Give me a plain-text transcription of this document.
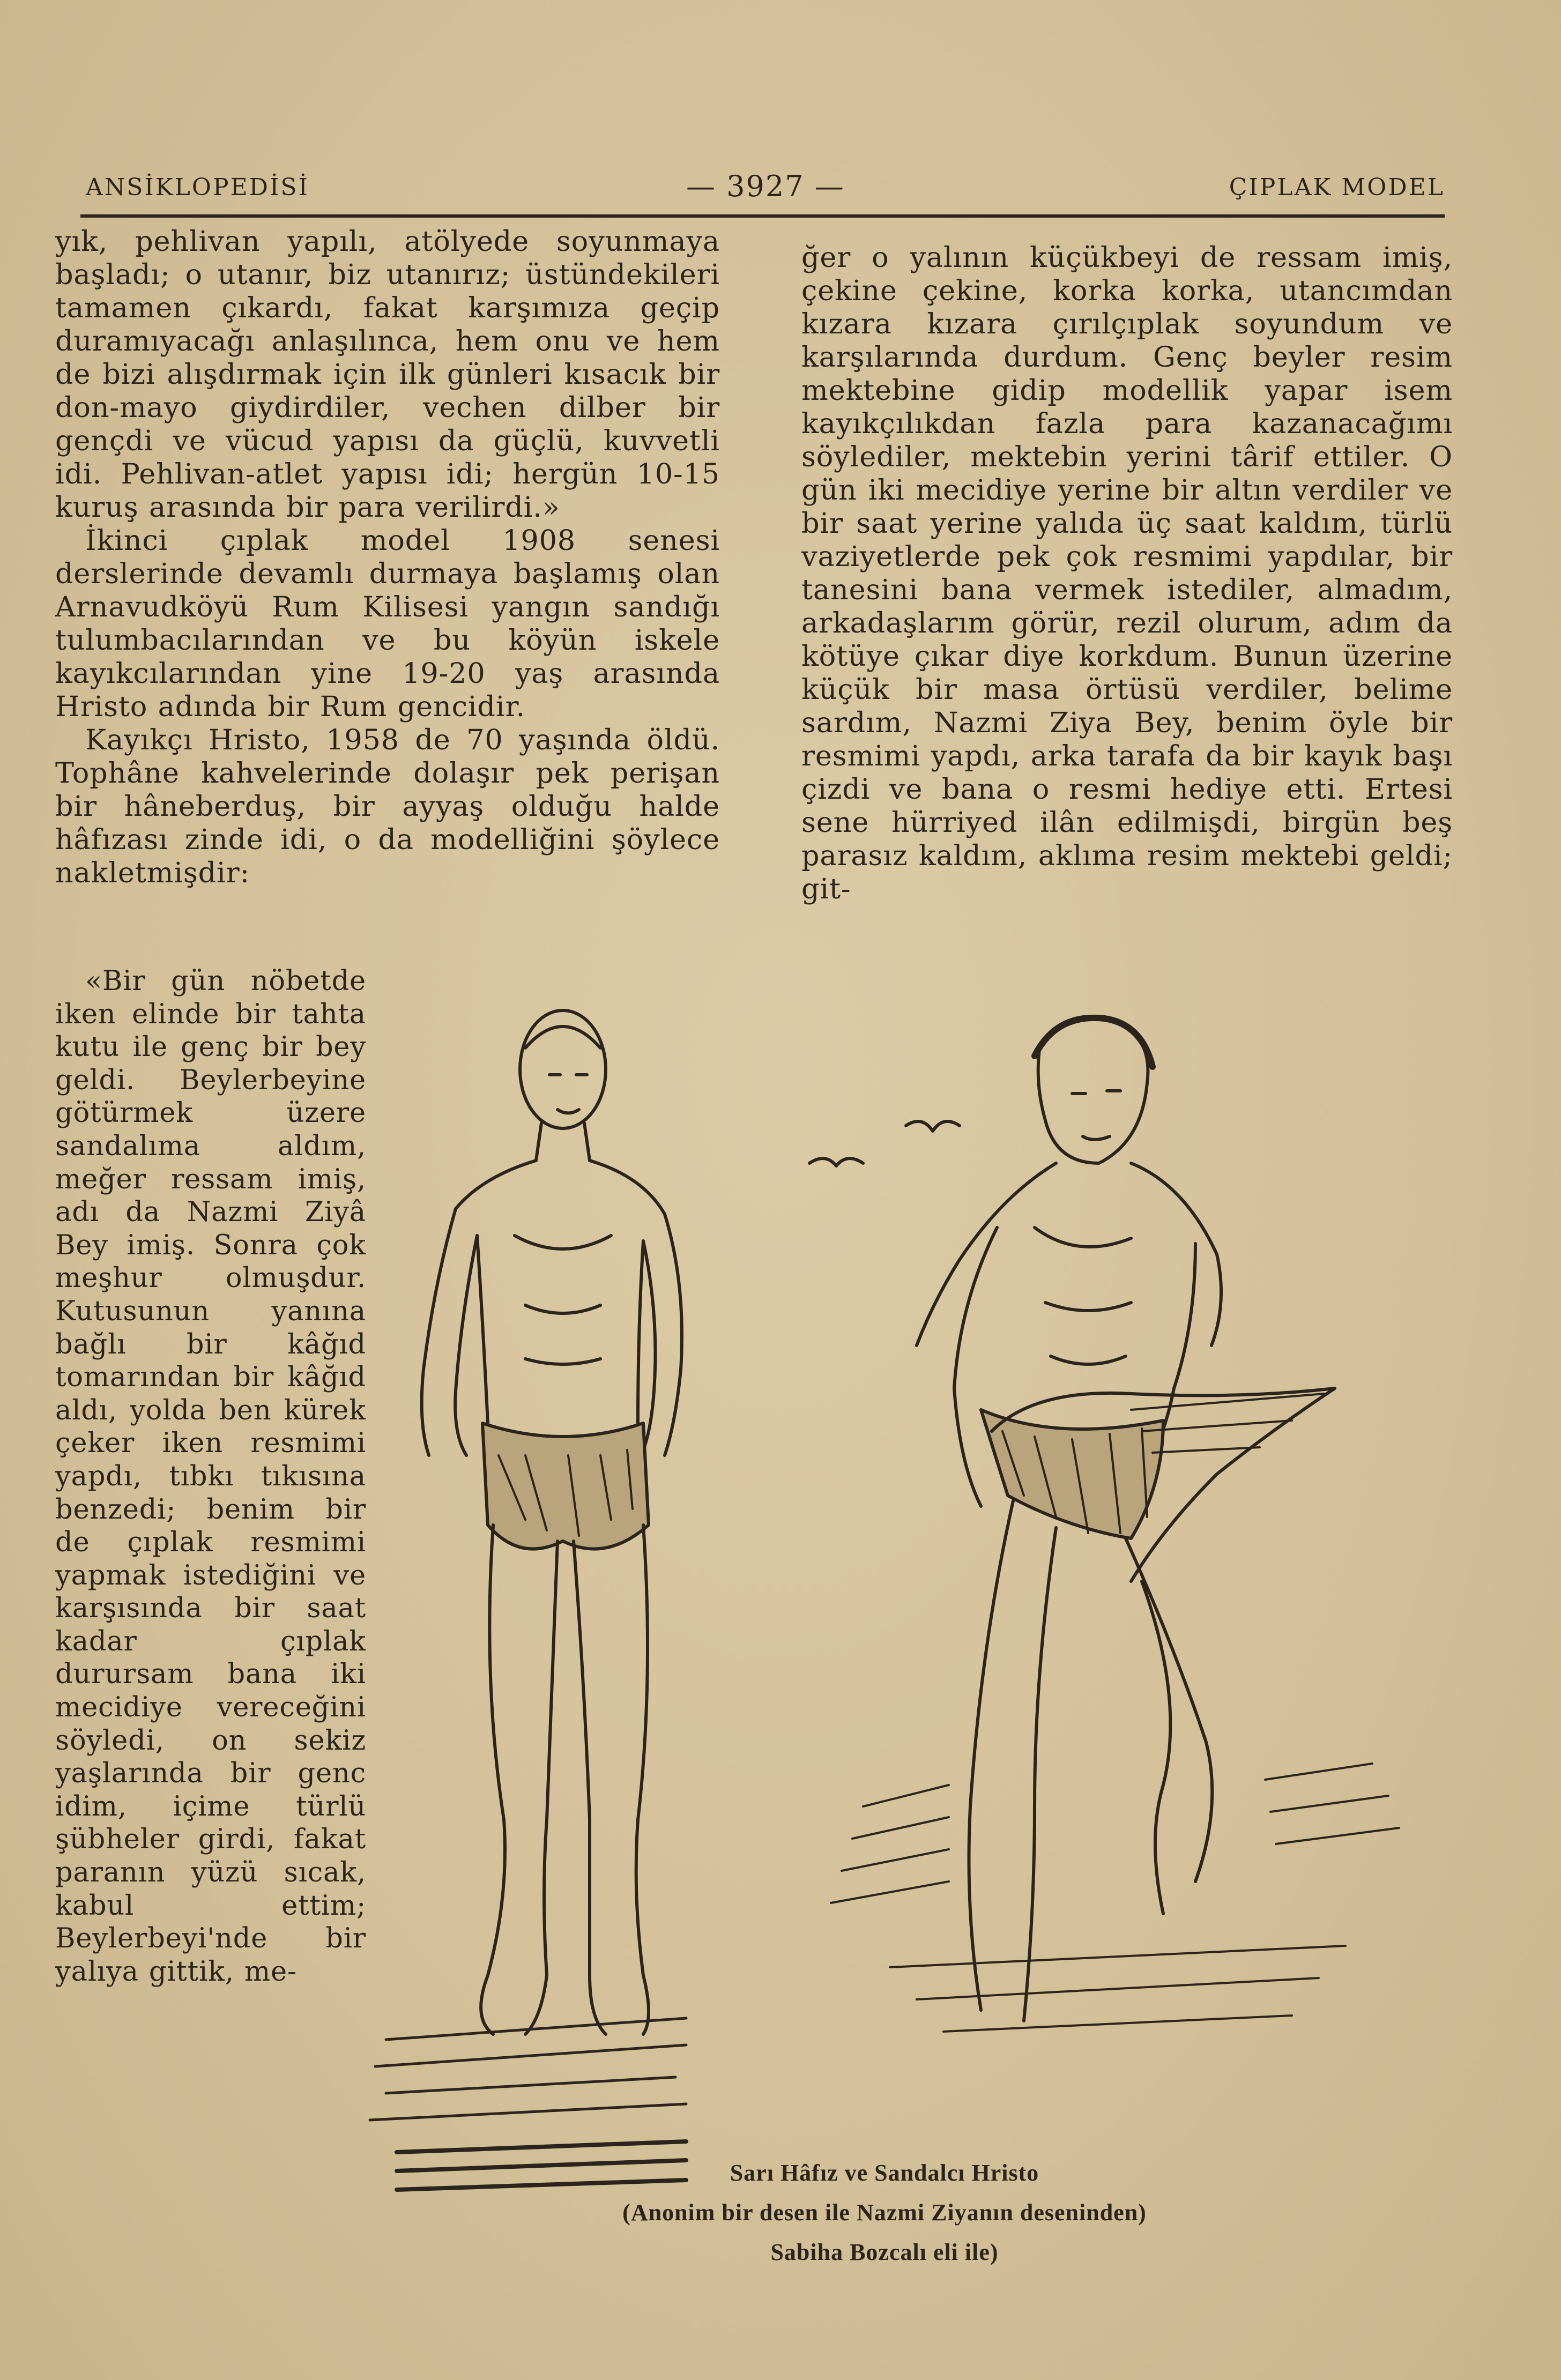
ANSİKLOPEDİSİ	— 3927 —	ÇIPLAK MODEL

yık, pehlivan yapılı, atölyede soyunmaya başladı; o utanır, biz utanırız; üstündekileri tamamen çıkardı, fakat karşımıza geçip duramıyacağı anlaşılınca, hem onu ve hem de bizi alışdırmak için ilk günleri kısacık bir don-mayo giydirdiler, vechen dilber bir gençdi ve vücud yapısı da güçlü, kuvvetli idi. Pehlivan-atlet yapısı idi; hergün 10-15 kuruş arasında bir para verilirdi.»

İkinci çıplak model 1908 senesi derslerinde devamlı durmaya başlamış olan Arnavudköyü Rum Kilisesi yangın sandığı tulumbacılarından ve bu köyün iskele kayıkcılarından yine 19-20 yaş arasında Hristo adında bir Rum gencidir.

Kayıkçı Hristo, 1958 de 70 yaşında öldü. Tophâne kahvelerinde dolaşır pek perişan bir hâneberduş, bir ayyaş olduğu halde hâfızası zinde idi, o da modelliğini şöylece nakletmişdir:

«Bir gün nöbetde iken elinde bir tahta kutu ile genç bir bey geldi. Beylerbeyine götürmek üzere sandalıma aldım, meğer ressam imiş, adı da Nazmi Ziyâ Bey imiş. Sonra çok meşhur olmuşdur. Kutusunun yanına bağlı bir kâğıd tomarından bir kâğıd aldı, yolda ben kürek çeker iken resmimi yapdı, tıbkı tıkısına benzedi; benim bir de çıplak resmimi yapmak istediğini ve karşısında bir saat kadar çıplak durursam bana iki mecidiye vereceğini söyledi, on sekiz yaşlarında bir genc idim, içime türlü şübheler girdi, fakat paranın yüzü sıcak, kabul ettim; Beylerbeyi'nde bir yalıya gittik, me-

ğer o yalının küçükbeyi de ressam imiş, çekine çekine, korka korka, utancımdan kızara kızara çırılçıplak soyundum ve karşılarında durdum. Genç beyler resim mektebine gidip modellik yapar isem kayıkçılıkdan fazla para kazanacağımı söylediler, mektebin yerini târif ettiler. O gün iki mecidiye yerine bir altın verdiler ve bir saat yerine yalıda üç saat kaldım, türlü vaziyetlerde pek çok resmimi yapdılar, bir tanesini bana vermek istediler, almadım, arkadaşlarım görür, rezil olurum, adım da kötüye çıkar diye korkdum. Bunun üzerine küçük bir masa örtüsü verdiler, belime sardım, Nazmi Ziya Bey, benim öyle bir resmimi yapdı, arka tarafa da bir kayık başı çizdi ve bana o resmi hediye etti. Ertesi sene hürriyed ilân edilmişdi, birgün beş parasız kaldım, aklıma resim mektebi geldi; git-

Sarı Hâfız ve Sandalcı Hristo
(Anonim bir desen ile Nazmi Ziyanın deseninden)
Sabiha Bozcalı eli ile)
